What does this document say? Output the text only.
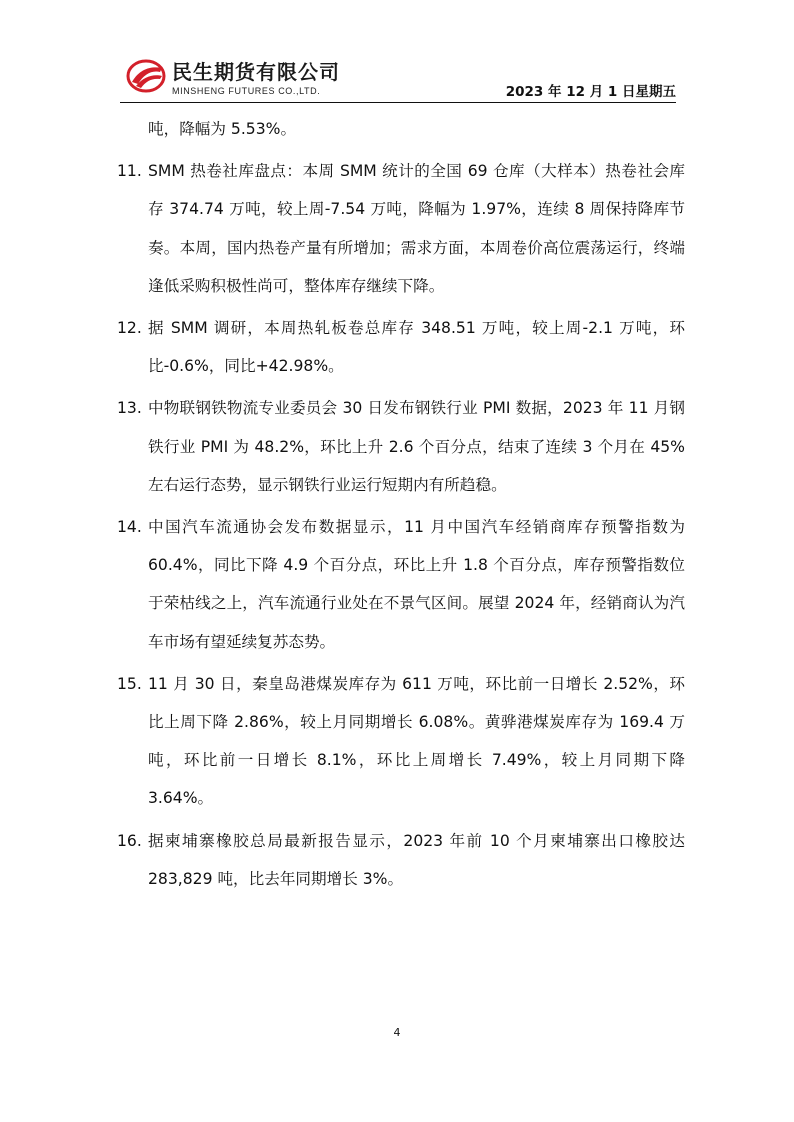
民生期货有限公司
MINSHENG FUTURES CO.,LTD.	2023 年 12 月 1 日星期五

吨，降幅为 5.53%。

11. SMM 热卷社库盘点：本周 SMM 统计的全国 69 仓库（大样本）热卷社会库存 374.74 万吨，较上周-7.54 万吨，降幅为 1.97%，连续 8 周保持降库节奏。本周，国内热卷产量有所增加；需求方面，本周卷价高位震荡运行，终端逢低采购积极性尚可，整体库存继续下降。

12. 据 SMM 调研，本周热轧板卷总库存 348.51 万吨，较上周-2.1 万吨，环比-0.6%，同比+42.98%。

13. 中物联钢铁物流专业委员会 30 日发布钢铁行业 PMI 数据，2023 年 11 月钢铁行业 PMI 为 48.2%，环比上升 2.6 个百分点，结束了连续 3 个月在 45%左右运行态势，显示钢铁行业运行短期内有所趋稳。

14. 中国汽车流通协会发布数据显示，11 月中国汽车经销商库存预警指数为 60.4%，同比下降 4.9 个百分点，环比上升 1.8 个百分点，库存预警指数位于荣枯线之上，汽车流通行业处在不景气区间。展望 2024 年，经销商认为汽车市场有望延续复苏态势。

15. 11 月 30 日，秦皇岛港煤炭库存为 611 万吨，环比前一日增长 2.52%，环比上周下降 2.86%，较上月同期增长 6.08%。黄骅港煤炭库存为 169.4 万吨，环比前一日增长 8.1%，环比上周增长 7.49%，较上月同期下降 3.64%。

16. 据柬埔寨橡胶总局最新报告显示，2023 年前 10 个月柬埔寨出口橡胶达 283,829 吨，比去年同期增长 3%。

4
